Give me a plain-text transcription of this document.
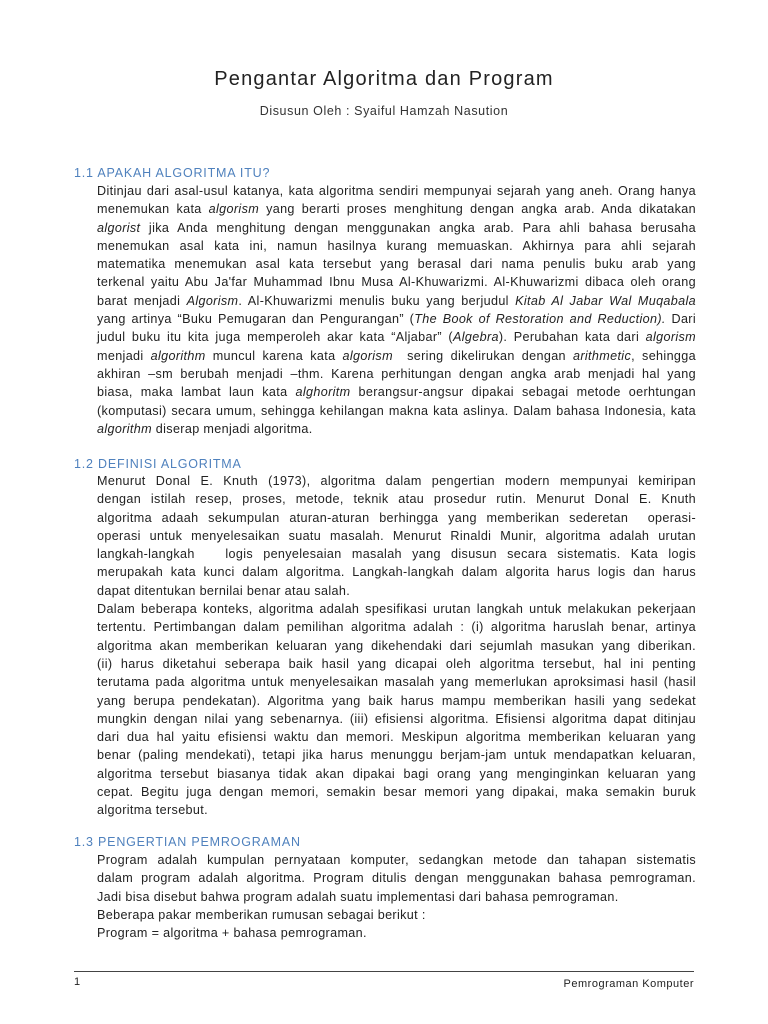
Pengantar Algoritma dan Program
Disusun Oleh : Syaiful Hamzah Nasution
1.1 APAKAH ALGORITMA ITU?
Ditinjau dari asal-usul katanya, kata algoritma sendiri mempunyai sejarah yang aneh. Orang hanya
menemukan kata algorism yang berarti proses menghitung dengan angka arab. Anda dikatakan
algorist jika Anda menghitung dengan menggunakan angka arab. Para ahli bahasa berusaha
menemukan asal kata ini, namun hasilnya kurang memuaskan. Akhirnya para ahli sejarah
matematika menemukan asal kata tersebut yang berasal dari nama penulis buku arab yang
terkenal yaitu Abu Ja'far Muhammad Ibnu Musa Al-Khuwarizmi. Al-Khuwarizmi dibaca oleh orang
barat menjadi Algorism. Al-Khuwarizmi menulis buku yang berjudul Kitab Al Jabar Wal Muqabala
yang artinya “Buku Pemugaran dan Pengurangan” (The Book of Restoration and Reduction). Dari
judul buku itu kita juga memperoleh akar kata “Aljabar” (Algebra). Perubahan kata dari algorism
menjadi algorithm muncul karena kata algorism  sering dikelirukan dengan arithmetic, sehingga
akhiran –sm berubah menjadi –thm. Karena perhitungan dengan angka arab menjadi hal yang
biasa, maka lambat laun kata alghoritm berangsur-angsur dipakai sebagai metode oerhtungan
(komputasi) secara umum, sehingga kehilangan makna kata aslinya. Dalam bahasa Indonesia, kata
algorithm diserap menjadi algoritma.
1.2 DEFINISI ALGORITMA
Menurut Donal E. Knuth (1973), algoritma dalam pengertian modern mempunyai kemiripan
dengan istilah resep, proses, metode, teknik atau prosedur rutin. Menurut Donal E. Knuth
algoritma adaah sekumpulan aturan-aturan berhingga yang memberikan sederetan  operasi-
operasi untuk menyelesaikan suatu masalah. Menurut Rinaldi Munir, algoritma adalah urutan
langkah-langkah   logis penyelesaian masalah yang disusun secara sistematis. Kata logis
merupakah kata kunci dalam algoritma. Langkah-langkah dalam algorita harus logis dan harus
dapat ditentukan bernilai benar atau salah.
Dalam beberapa konteks, algoritma adalah spesifikasi urutan langkah untuk melakukan pekerjaan
tertentu. Pertimbangan dalam pemilihan algoritma adalah : (i) algoritma haruslah benar, artinya
algoritma akan memberikan keluaran yang dikehendaki dari sejumlah masukan yang diberikan.
(ii) harus diketahui seberapa baik hasil yang dicapai oleh algoritma tersebut, hal ini penting
terutama pada algoritma untuk menyelesaikan masalah yang memerlukan aproksimasi hasil (hasil
yang berupa pendekatan). Algoritma yang baik harus mampu memberikan hasili yang sedekat
mungkin dengan nilai yang sebenarnya. (iii) efisiensi algoritma. Efisiensi algoritma dapat ditinjau
dari dua hal yaitu efisiensi waktu dan memori. Meskipun algoritma memberikan keluaran yang
benar (paling mendekati), tetapi jika harus menunggu berjam-jam untuk mendapatkan keluaran,
algoritma tersebut biasanya tidak akan dipakai bagi orang yang menginginkan keluaran yang
cepat. Begitu juga dengan memori, semakin besar memori yang dipakai, maka semakin buruk
algoritma tersebut.
1.3 PENGERTIAN PEMROGRAMAN
Program adalah kumpulan pernyataan komputer, sedangkan metode dan tahapan sistematis
dalam program adalah algoritma. Program ditulis dengan menggunakan bahasa pemrograman.
Jadi bisa disebut bahwa program adalah suatu implementasi dari bahasa pemrograman.
Beberapa pakar memberikan rumusan sebagai berikut :
Program = algoritma + bahasa pemrograman.
1	Pemrograman Komputer
